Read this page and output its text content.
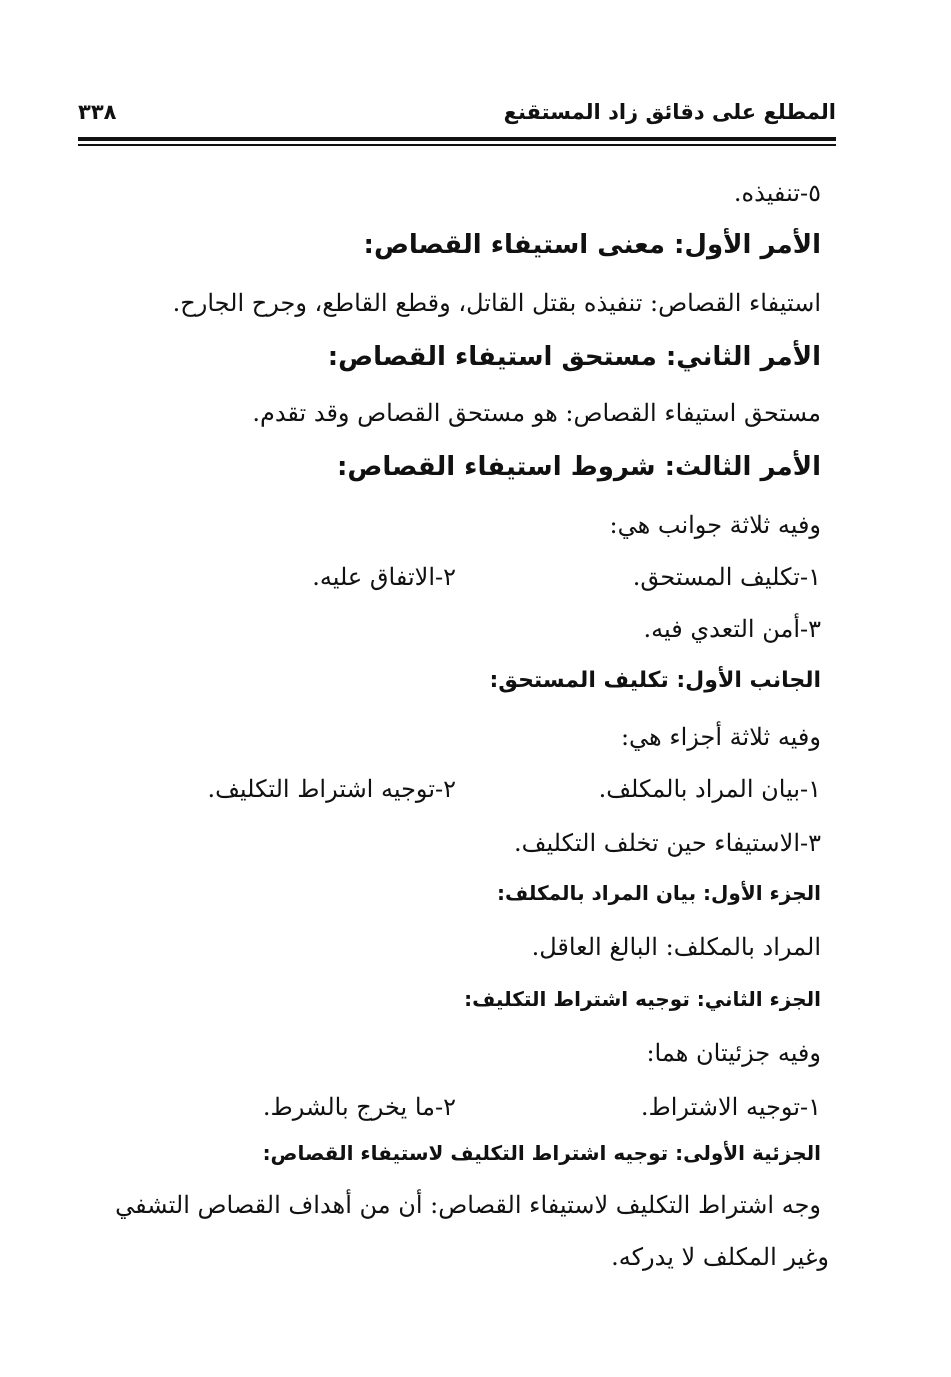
المطلع على دقائق زاد المستقنع
٣٣٨
٥-تنفيذه.
الأمر الأول: معنى استيفاء القصاص:
استيفاء القصاص: تنفيذه بقتل القاتل، وقطع القاطع، وجرح الجارح.
الأمر الثاني: مستحق استيفاء القصاص:
مستحق استيفاء القصاص: هو مستحق القصاص وقد تقدم.
الأمر الثالث: شروط استيفاء القصاص:
وفيه ثلاثة جوانب هي:
١-تكليف المستحق.
٢-الاتفاق عليه.
٣-أمن التعدي فيه.
الجانب الأول: تكليف المستحق:
وفيه ثلاثة أجزاء هي:
١-بيان المراد بالمكلف.
٢-توجيه اشتراط التكليف.
٣-الاستيفاء حين تخلف التكليف.
الجزء الأول: بيان المراد بالمكلف:
المراد بالمكلف: البالغ العاقل.
الجزء الثاني: توجيه اشتراط التكليف:
وفيه جزئيتان هما:
١-توجيه الاشتراط.
٢-ما يخرج بالشرط.
الجزئية الأولى: توجيه اشتراط التكليف لاستيفاء القصاص:
وجه اشتراط التكليف لاستيفاء القصاص: أن من أهداف القصاص التشفي
وغير المكلف لا يدركه.
